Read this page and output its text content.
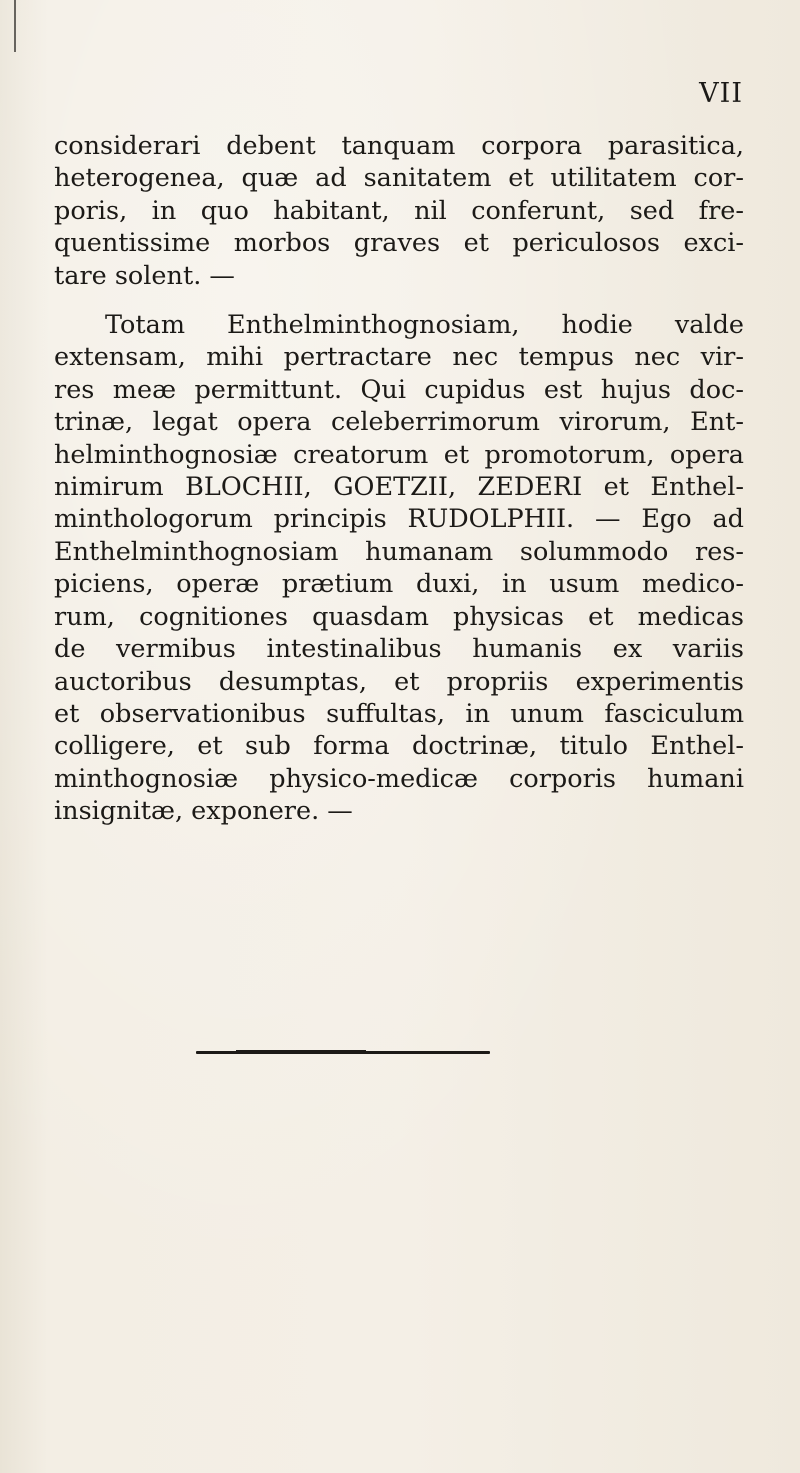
VII

considerari debent tanquam corpora parasitica,
heterogenea, quæ ad sanitatem et utilitatem cor-
poris, in quo habitant, nil conferunt, sed fre-
quentissime morbos graves et periculosos exci-
tare solent. —

Totam Enthelminthognosiam, hodie valde
extensam, mihi pertractare nec tempus nec vir-
res meæ permittunt. Qui cupidus est hujus doc-
trinæ, legat opera celeberrimorum virorum, Ent-
helminthognosiæ creatorum et promotorum, opera
nimirum BLOCHII, GOETZII, ZEDERI et Enthel-
minthologorum principis RUDOLPHII. — Ego ad
Enthelminthognosiam humanam solummodo res-
piciens, operæ prætium duxi, in usum medico-
rum, cognitiones quasdam physicas et medicas
de vermibus intestinalibus humanis ex variis
auctoribus desumptas, et propriis experimentis
et observationibus suffultas, in unum fasciculum
colligere, et sub forma doctrinæ, titulo Enthel-
minthognosiæ physico-medicæ corporis humani
insignitæ, exponere. —
